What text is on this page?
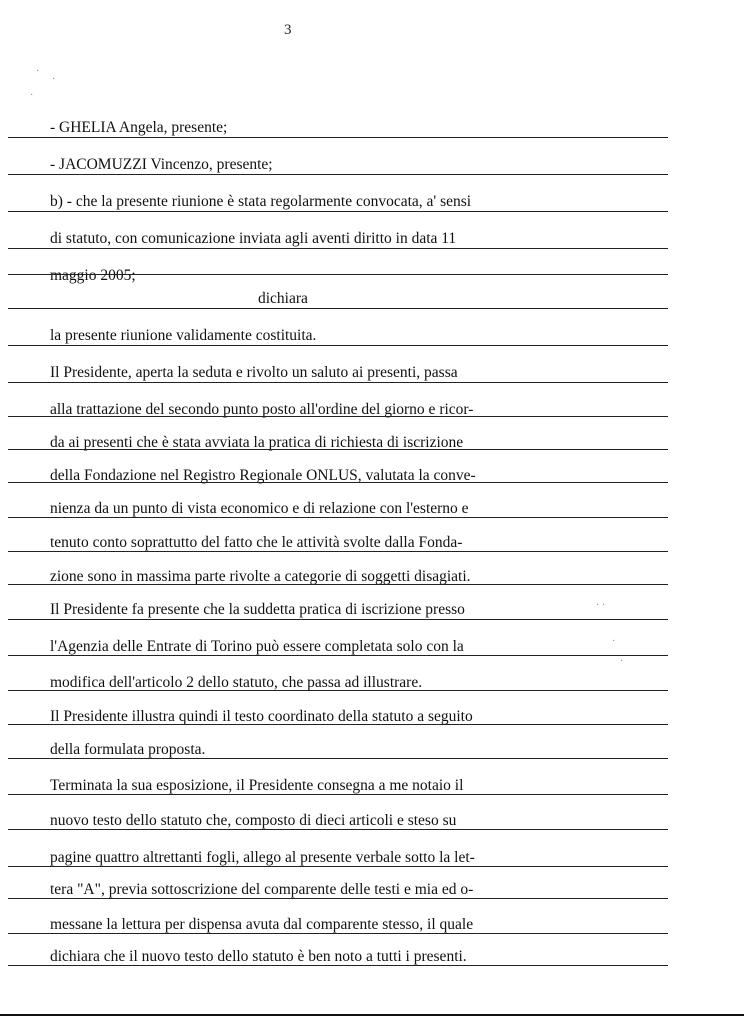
3
·
·
·
· ·
·
·
- GHELIA Angela, presente;
- JACOMUZZI Vincenzo, presente;
b) - che la presente riunione è stata regolarmente convocata, a' sensi
di statuto, con comunicazione inviata agli aventi diritto in data 11
maggio 2005;
dichiara
la presente riunione validamente costituita.
Il Presidente, aperta la seduta e rivolto un saluto ai presenti, passa
alla trattazione del secondo punto posto all'ordine del giorno e ricor-
da ai presenti che è stata avviata la pratica di richiesta di iscrizione
della Fondazione nel Registro Regionale ONLUS, valutata la conve-
nienza da un punto di vista economico e di relazione con l'esterno e
tenuto conto soprattutto del fatto che le attività svolte dalla Fonda-
zione sono in massima parte rivolte a categorie di soggetti disagiati.
Il Presidente fa presente che la suddetta pratica di iscrizione presso
l'Agenzia delle Entrate di Torino può essere completata solo con la
modifica dell'articolo 2 dello statuto, che passa ad illustrare.
Il Presidente illustra quindi il testo coordinato della statuto a seguito
della formulata proposta.
Terminata la sua esposizione, il Presidente consegna a me notaio il
nuovo testo dello statuto che, composto di dieci articoli e steso su
pagine quattro altrettanti fogli, allego al presente verbale sotto la let-
tera "A", previa sottoscrizione del comparente delle testi e mia ed o-
messane la lettura per dispensa avuta dal comparente stesso, il quale
dichiara che il nuovo testo dello statuto è ben noto a tutti i presenti.
